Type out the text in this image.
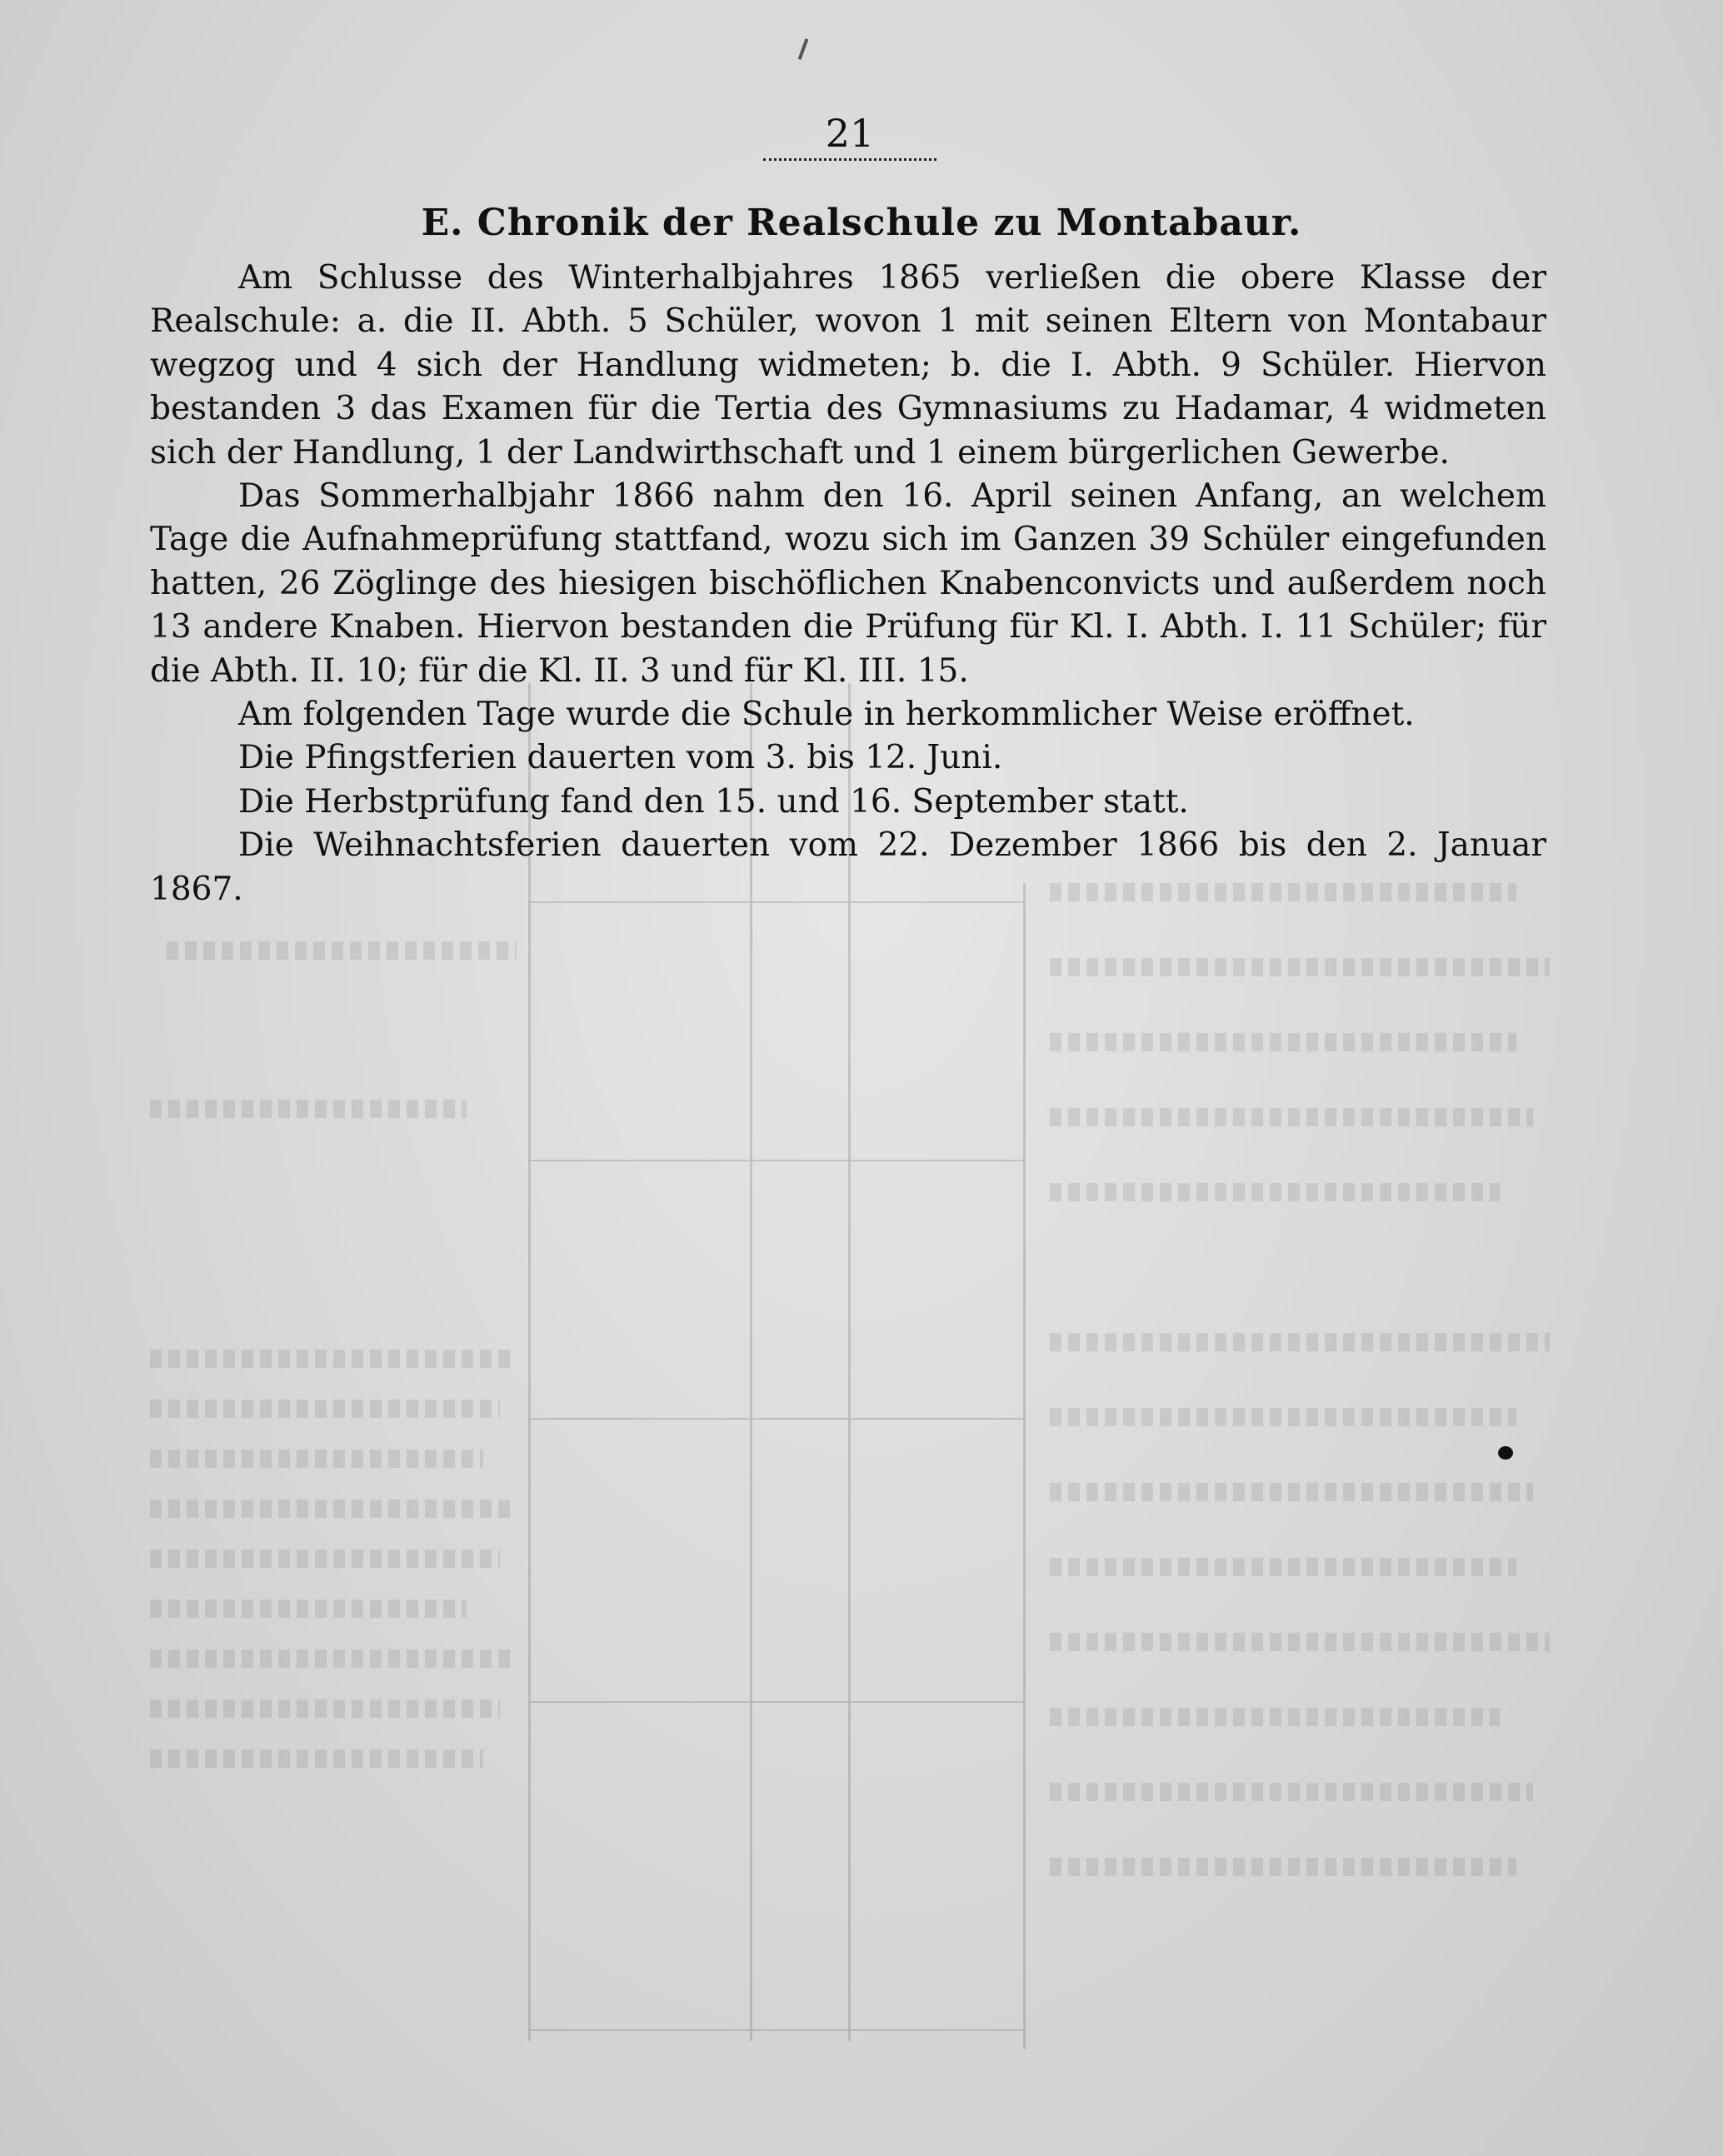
21
E. Chronik der Realschule zu Montabaur.

Am Schlusse des Winterhalbjahres 1865 verließen die obere Klasse der Realschule: a. die II. Abth. 5 Schüler, wovon 1 mit seinen Eltern von Montabaur wegzog und 4 sich der Handlung widmeten; b. die I. Abth. 9 Schüler. Hiervon bestanden 3 das Examen für die Tertia des Gymnasiums zu Hadamar, 4 widmeten sich der Handlung, 1 der Landwirthschaft und 1 einem bürgerlichen Gewerbe.

Das Sommerhalbjahr 1866 nahm den 16. April seinen Anfang, an welchem Tage die Aufnahmeprüfung stattfand, wozu sich im Ganzen 39 Schüler eingefunden hatten, 26 Zöglinge des hiesigen bischöflichen Knabenconvicts und außerdem noch 13 andere Knaben. Hiervon bestanden die Prüfung für Kl. I. Abth. I. 11 Schüler; für die Abth. II. 10; für die Kl. II. 3 und für Kl. III. 15.

Am folgenden Tage wurde die Schule in herkommlicher Weise eröffnet.

Die Pfingstferien dauerten vom 3. bis 12. Juni.

Die Herbstprüfung fand den 15. und 16. September statt.

Die Weihnachtsferien dauerten vom 22. Dezember 1866 bis den 2. Januar 1867.
